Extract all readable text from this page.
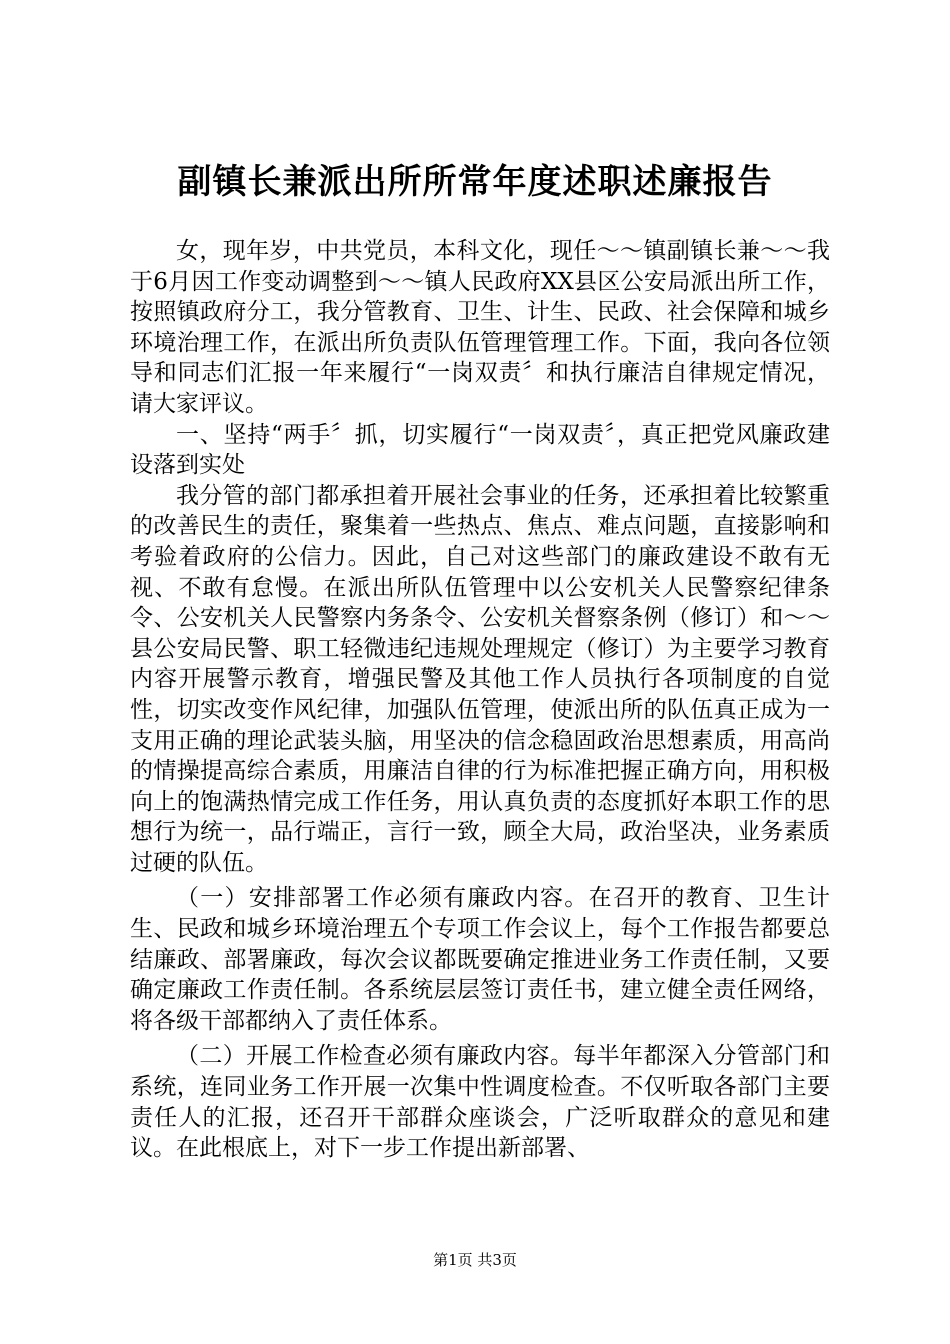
副镇长兼派出所所常年度述职述廉报告

女，现年岁，中共党员，本科文化，现任～～镇副镇长兼～～我于6月因工作变动调整到～～镇人民政府XX县区公安局派出所工作，按照镇政府分工，我分管教育、卫生、计生、民政、社会保障和城乡环境治理工作，在派出所负责队伍管理管理工作。下面，我向各位领导和同志们汇报一年来履行“一岗双责〞和执行廉洁自律规定情况，请大家评议。

一、坚持“两手〞抓，切实履行“一岗双责〞，真正把党风廉政建设落到实处

我分管的部门都承担着开展社会事业的任务，还承担着比较繁重的改善民生的责任，聚集着一些热点、焦点、难点问题，直接影响和考验着政府的公信力。因此，自己对这些部门的廉政建设不敢有无视、不敢有怠慢。在派出所队伍管理中以公安机关人民警察纪律条令、公安机关人民警察内务条令、公安机关督察条例（修订）和～～县公安局民警、职工轻微违纪违规处理规定（修订）为主要学习教育内容开展警示教育，增强民警及其他工作人员执行各项制度的自觉性，切实改变作风纪律，加强队伍管理，使派出所的队伍真正成为一支用正确的理论武装头脑，用坚决的信念稳固政治思想素质，用高尚的情操提高综合素质，用廉洁自律的行为标准把握正确方向，用积极向上的饱满热情完成工作任务，用认真负责的态度抓好本职工作的思想行为统一，品行端正，言行一致，顾全大局，政治坚决，业务素质过硬的队伍。

（一）安排部署工作必须有廉政内容。在召开的教育、卫生计生、民政和城乡环境治理五个专项工作会议上，每个工作报告都要总结廉政、部署廉政，每次会议都既要确定推进业务工作责任制，又要确定廉政工作责任制。各系统层层签订责任书，建立健全责任网络，将各级干部都纳入了责任体系。

（二）开展工作检查必须有廉政内容。每半年都深入分管部门和系统，连同业务工作开展一次集中性调度检查。不仅听取各部门主要责任人的汇报，还召开干部群众座谈会，广泛听取群众的意见和建议。在此根底上，对下一步工作提出新部署、

第1页 共3页
